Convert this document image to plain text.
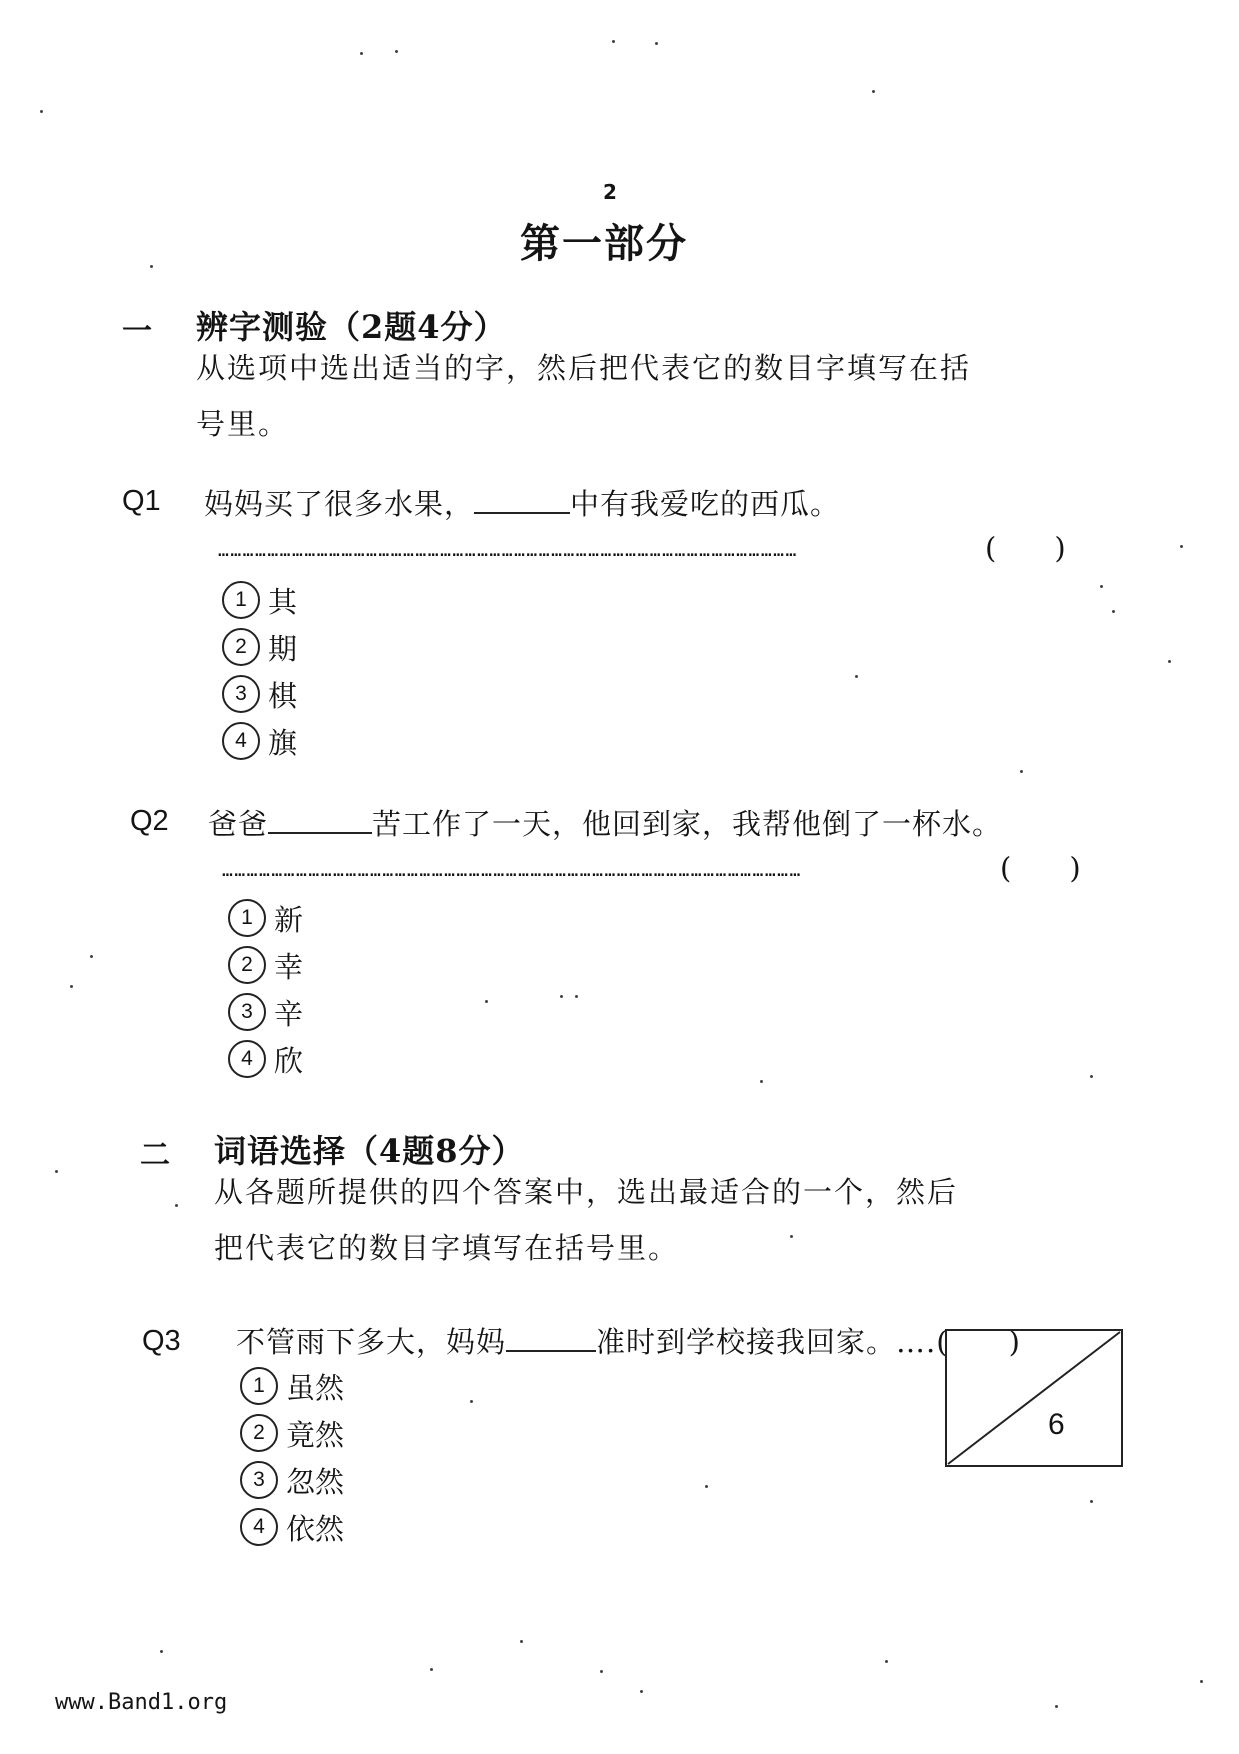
2
第一部分
一 辨字测验（2题4分）
从选项中选出适当的字，然后把代表它的数目字填写在括
号里。
Q1 妈妈买了很多水果，	中有我爱吃的西瓜。
……………………………………………………………………………………………………………………………	(　　)
1 其
2 期
3 棋
4 旗
Q2 爸爸	苦工作了一天，他回到家，我帮他倒了一杯水。
……………………………………………………………………………………………………………………………	(　　)
1 新
2 幸
3 辛
4 欣
二 词语选择（4题8分）
从各题所提供的四个答案中，选出最适合的一个，然后
把代表它的数目字填写在括号里。
Q3 不管雨下多大，妈妈	准时到学校接我回家。….(　　)
1 虽然
2 竟然
3 忽然
4 依然
6
www.Band1.org
